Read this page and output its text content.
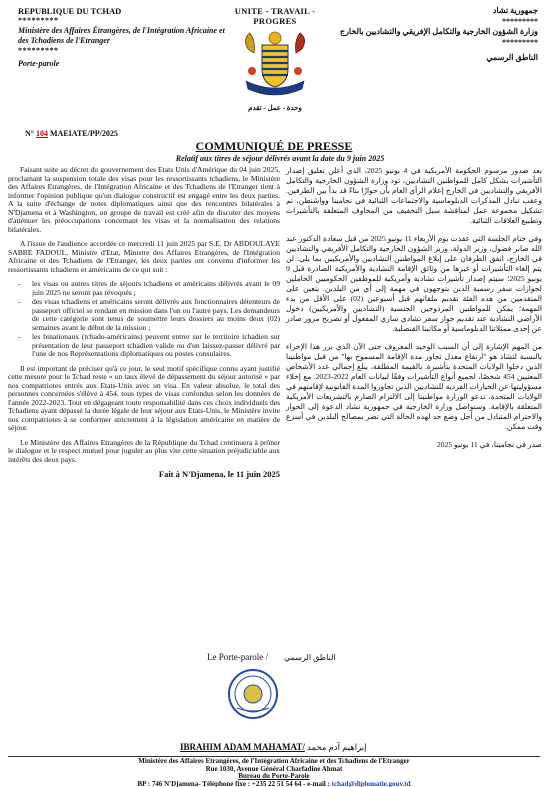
REPUBLIQUE DU TCHAD
*********
Ministère des Affaires Étrangères, de l'Intégration Africaine et des Tchadiens de l'Etranger
*********
Porte-parole
UNITE - TRAVAIL - PROGRES
وحدة - عمل - تقدم
جمهورية تشاد
*********
وزارة الشؤون الخارجية والتكامل الإفريقي والتشاديين بالخارج
*********
الناطق الرسمي
N° 104 MAEIATE/PP/2025
COMMUNIQUÉ DE PRESSE
Relatif aux titres de séjour délivrés avant la date du 9 juin 2025

Faisant suite au décret du gouvernement des Etats Unis d'Amérique du 04 juin 2025, proclamant la suspension totale des visas pour les ressortissants tchadiens, le Ministère des Affaires Etrangères, de l'Intégration Africaine et des Tchadiens de l'Etranger tient à informer l'opinion publique qu'un dialogue constructif est engagé entre les deux parties. A la suite d'échange de notes diplomatiques ainsi que des rencontres bilatérales à N'Djamena et à Washington, un groupe de travail est créé afin de discuter des moyens d'atténuer les préoccupations concernant les visas et la normalisation des relations bilatérales.

A l'issue de l'audience accordée ce mercredi 11 juin 2025 par S.E. Dr ABDOULAYE SABRE FADOUL, Ministre d'Etat, Ministre des Affaires Etrangères, de l'Intégration Africaine et des Tchadiens de l'Etranger, les deux parties ont convenu d'informer les ressortissants tchadiens et américains de ce qui suit :

- les visas ou autres titres de séjours tchadiens et américains délivrés avant le 09 juin 2025 ne seront pas révoqués ;
- des visas tchadiens et américains seront délivrés aux fonctionnaires détenteurs de passeport officiel se rendant en mission dans l'un ou l'autre pays. Les demandeurs de cette catégorie sont tenus de soumettre leurs dossiers au moins deux (02) semaines avant le début de la mission ;
- les binationaux (tchado-américains) peuvent entrer sur le territoire tchadien sur présentation de leur passeport tchadien valide ou d'un laissez-passer délivré par l'une de nos Représentations diplomatiques ou postes consulaires.

Il est important de préciser qu'à ce jour, le seul motif spécifique connu ayant justifié cette mesure pour le Tchad reste « un taux élevé de dépassement du séjour autorisé » par nos compatriotes entrés aux Etats-Unis avec un visa. En valeur absolue, le total des personnes concernées s'élève à 454, tous types de visas confondus selon les données de l'année 2022-2023. Tout en dégageant toute responsabilité dans ces choix individuels des Tchadiens ayant dépassé la durée légale de leur séjour aux Etats-Unis, le Ministère invite nos compatriotes à se conformer strictement à la législation américaine en matière de séjour.

Le Ministère des Affaires Etrangères de la République du Tchad continuera à prôner le dialogue et le respect mutuel pour juguler au plus vite cette situation préjudiciable aux intérêts des deux pays.

Fait à N'Djamena, le 11 juin 2025

بعد صدور مرسوم الحكومة الأمريكية في 4 يونيو 2025، الذي أعلن تعليق إصدار التأشيرات بشكل كامل للمواطنين التشاديين، تود وزارة الشؤون الخارجية والتكامل الأفريقي والتشاديين في الخارج إعلام الرأي العام بأن حوارًا بناءً قد بدأ بين الطرفين. وعقب تبادل المذكرات الدبلوماسية والاجتماعات الثنائية في نجامينا وواشنطن، تم تشكيل مجموعة عمل لمناقشة سبل التخفيف من المخاوف المتعلقة بالتأشيرات وتطبيع العلاقات الثنائية.

وفي ختام الجلسة التي عقدت يوم الأربعاء 11 يونيو 2025 من قبل سعادة الدكتور عبد الله صابر فضول، وزير الدولة، وزير الشؤون الخارجية والتكامل الأفريقي والتشاديين في الخارج، اتفق الطرفان على إبلاغ المواطنين التشاديين والأمريكيين بما يلي: لن يتم إلغاء التأشيرات أو غيرها من وثائق الإقامة التشادية والأمريكية الصادرة قبل 9 يونيو 2025؛ سيتم إصدار تأشيرات تشادية وأمريكية للموظفين الحكوميين الحاملين لجوازات سفر رسمية الذين يتوجهون في مهمة إلى أي من البلدين. يتعين على المتقدمين من هذه الفئة تقديم ملفاتهم قبل أسبوعين (02) على الأقل من بدء المهمة؛ يمكن للمواطنين المزدوجين الجنسية (التشاديين والأمريكيين) دخول الأراضي التشادية عند تقديم جواز سفر تشادي ساري المفعول أو تصريح مرور صادر عن إحدى ممثلاتنا الدبلوماسية أو مكاتبنا القنصلية.

من المهم الإشارة إلى أن السبب الوحيد المعروف حتى الآن الذي برر هذا الإجراء بالنسبة لتشاد هو "ارتفاع معدل تجاوز مدة الإقامة المسموح بها" من قبل مواطنينا الذين دخلوا الولايات المتحدة بتأشيرة. بالقيمة المطلقة، يبلغ إجمالي عدد الأشخاص المعنيين 454 شخصًا، لجميع أنواع التأشيرات وفقًا لبيانات العام 2022-2023. مع إخلاء مسؤوليتها عن الخيارات الفردية للتشاديين الذين تجاوزوا المدة القانونية لإقامتهم في الولايات المتحدة، تدعو الوزارة مواطنينا إلى الالتزام الصارم بالتشريعات الأمريكية المتعلقة بالإقامة. وستواصل وزارة الخارجية في جمهورية تشاد الدعوة إلى الحوار والاحترام المتبادل من أجل وضع حد لهذه الحالة التي تضر بمصالح البلدين في أسرع وقت ممكن.

صدر في نجامينا، في 11 يونيو 2025

Le Porte-parole / الناطق الرسمي
IBRAHIM ADAM MAHAMAT/ إبراهيم آدم محمد
Ministère des Affaires Etrangères, de l'Intégration Africaine et des Tchadiens de l'Etranger
Rue 1030, Avenue Général Charfadine Ahmat
Bureau du Porte-Parole
BP : 746 N'Djamena- Téléphone fixe : +235 22 51 54 64 - e-mail : tchad@diplomatie.gouv.td
